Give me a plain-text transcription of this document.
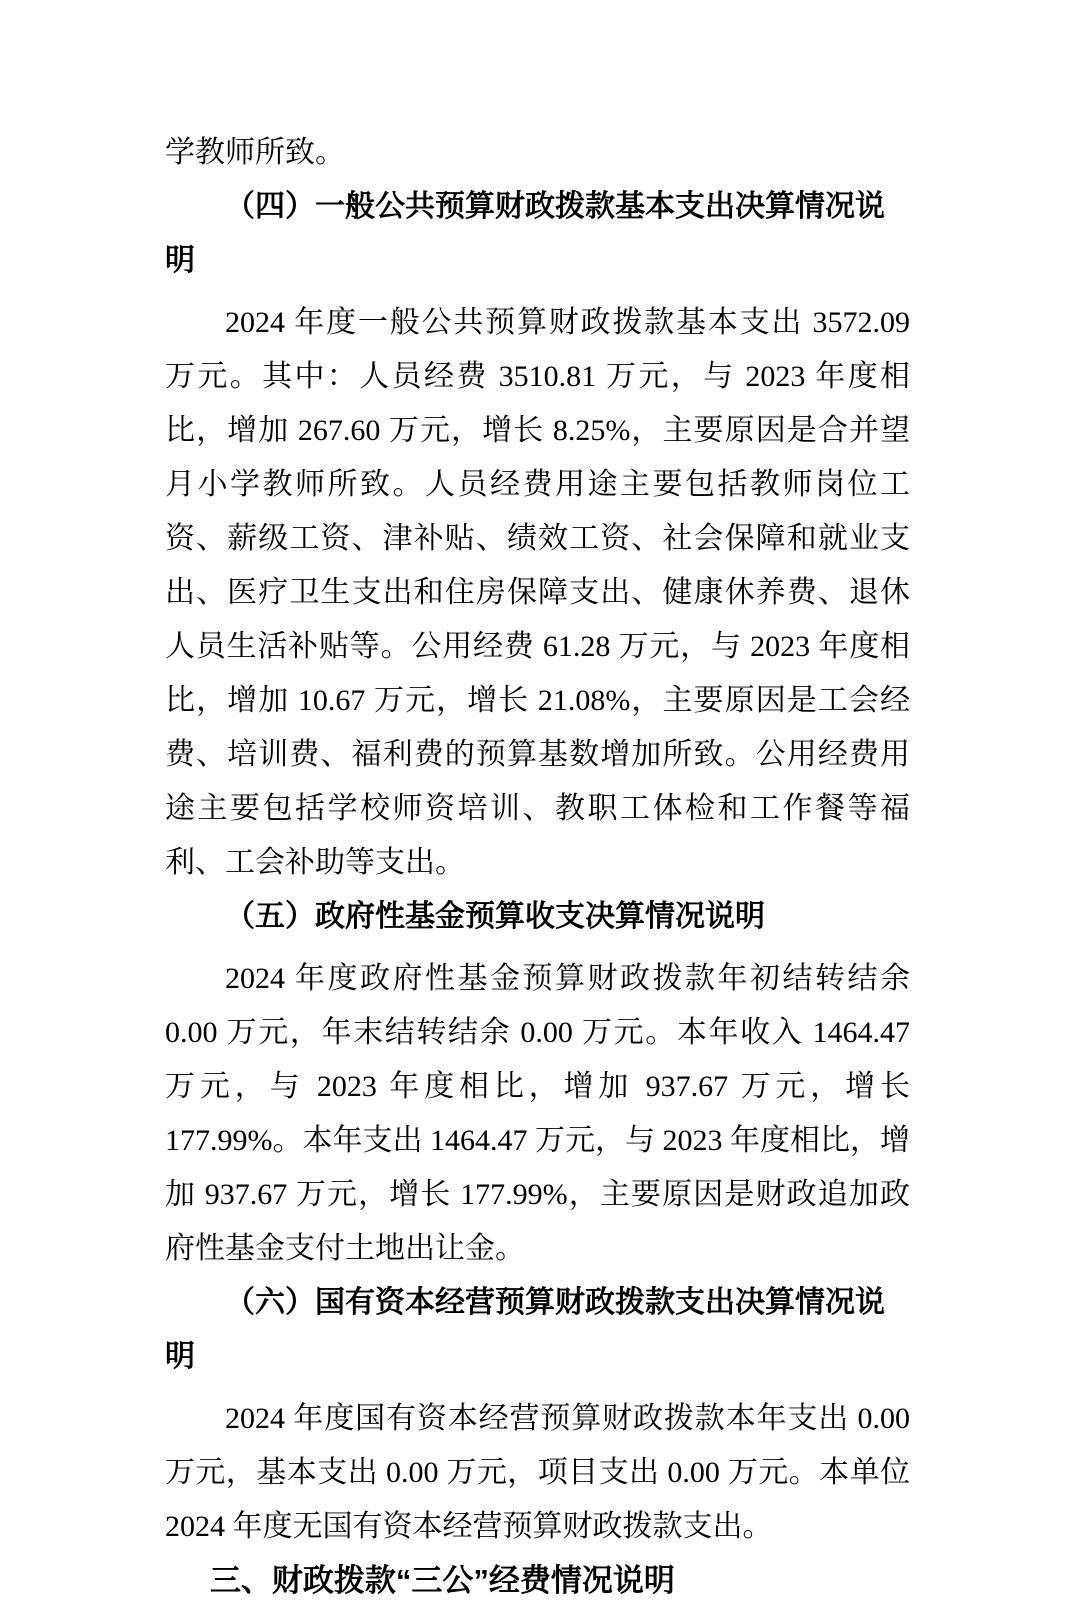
学教师所致。

（四）一般公共预算财政拨款基本支出决算情况说明

2024 年度一般公共预算财政拨款基本支出 3572.09 万元。其中：人员经费 3510.81 万元，与 2023 年度相比，增加 267.60 万元，增长 8.25%，主要原因是合并望月小学教师所致。人员经费用途主要包括教师岗位工资、薪级工资、津补贴、绩效工资、社会保障和就业支出、医疗卫生支出和住房保障支出、健康休养费、退休人员生活补贴等。公用经费 61.28 万元，与 2023 年度相比，增加 10.67 万元，增长 21.08%，主要原因是工会经费、培训费、福利费的预算基数增加所致。公用经费用途主要包括学校师资培训、教职工体检和工作餐等福利、工会补助等支出。

（五）政府性基金预算收支决算情况说明

2024 年度政府性基金预算财政拨款年初结转结余 0.00 万元，年末结转结余 0.00 万元。本年收入 1464.47 万元，与 2023 年度相比，增加 937.67 万元，增长 177.99%。本年支出 1464.47 万元，与 2023 年度相比，增加 937.67 万元，增长 177.99%，主要原因是财政追加政府性基金支付土地出让金。

（六）国有资本经营预算财政拨款支出决算情况说明

2024 年度国有资本经营预算财政拨款本年支出 0.00 万元，基本支出 0.00 万元，项目支出 0.00 万元。本单位 2024 年度无国有资本经营预算财政拨款支出。

三、财政拨款“三公”经费情况说明
